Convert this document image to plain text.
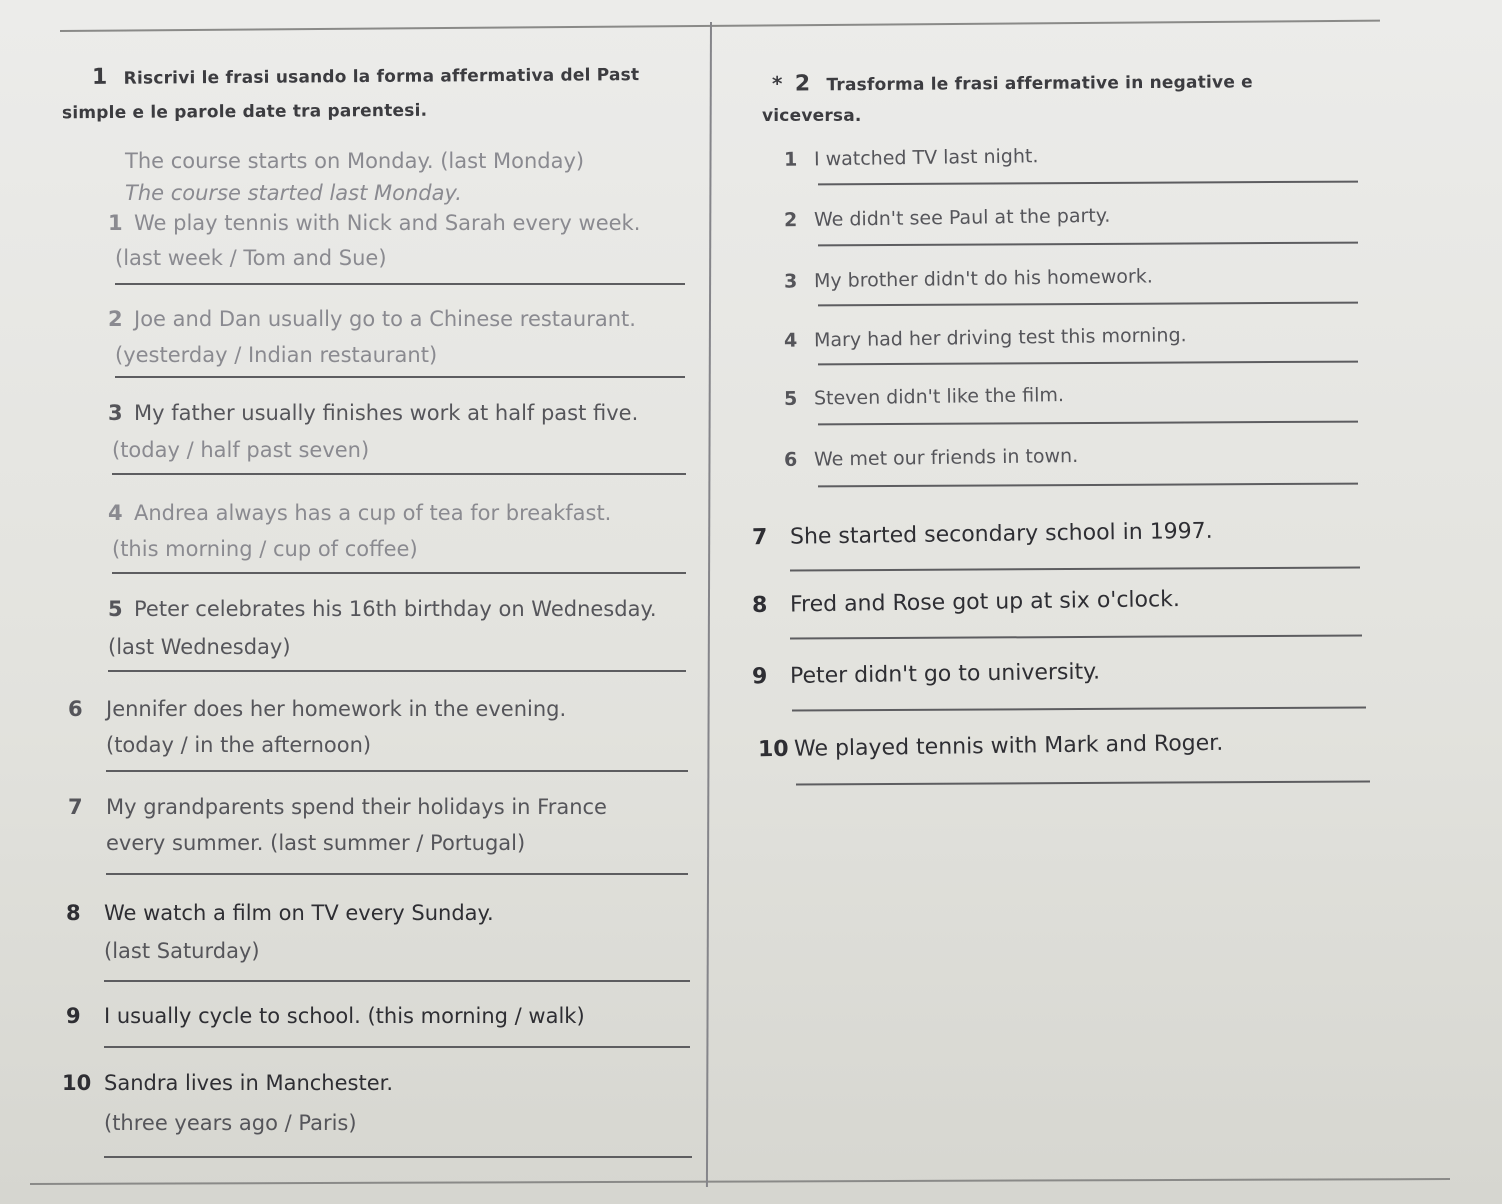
1 Riscrivi le frasi usando la forma affermativa del Past
simple e le parole date tra parentesi.
The course starts on Monday. (last Monday)
The course started last Monday.
1 We play tennis with Nick and Sarah every week.
(last week / Tom and Sue)
2 Joe and Dan usually go to a Chinese restaurant.
(yesterday / Indian restaurant)
3 My father usually finishes work at half past five.
(today / half past seven)
4 Andrea always has a cup of tea for breakfast.
(this morning / cup of coffee)
5 Peter celebrates his 16th birthday on Wednesday.
(last Wednesday)
6 Jennifer does her homework in the evening.
(today / in the afternoon)
7 My grandparents spend their holidays in France
every summer. (last summer / Portugal)
8 We watch a film on TV every Sunday.
(last Saturday)
9 I usually cycle to school. (this morning / walk)
10 Sandra lives in Manchester.
(three years ago / Paris)
* 2 Trasforma le frasi affermative in negative e
viceversa.
1 I watched TV last night.
2 We didn't see Paul at the party.
3 My brother didn't do his homework.
4 Mary had her driving test this morning.
5 Steven didn't like the film.
6 We met our friends in town.
7 She started secondary school in 1997.
8 Fred and Rose got up at six o'clock.
9 Peter didn't go to university.
10 We played tennis with Mark and Roger.
